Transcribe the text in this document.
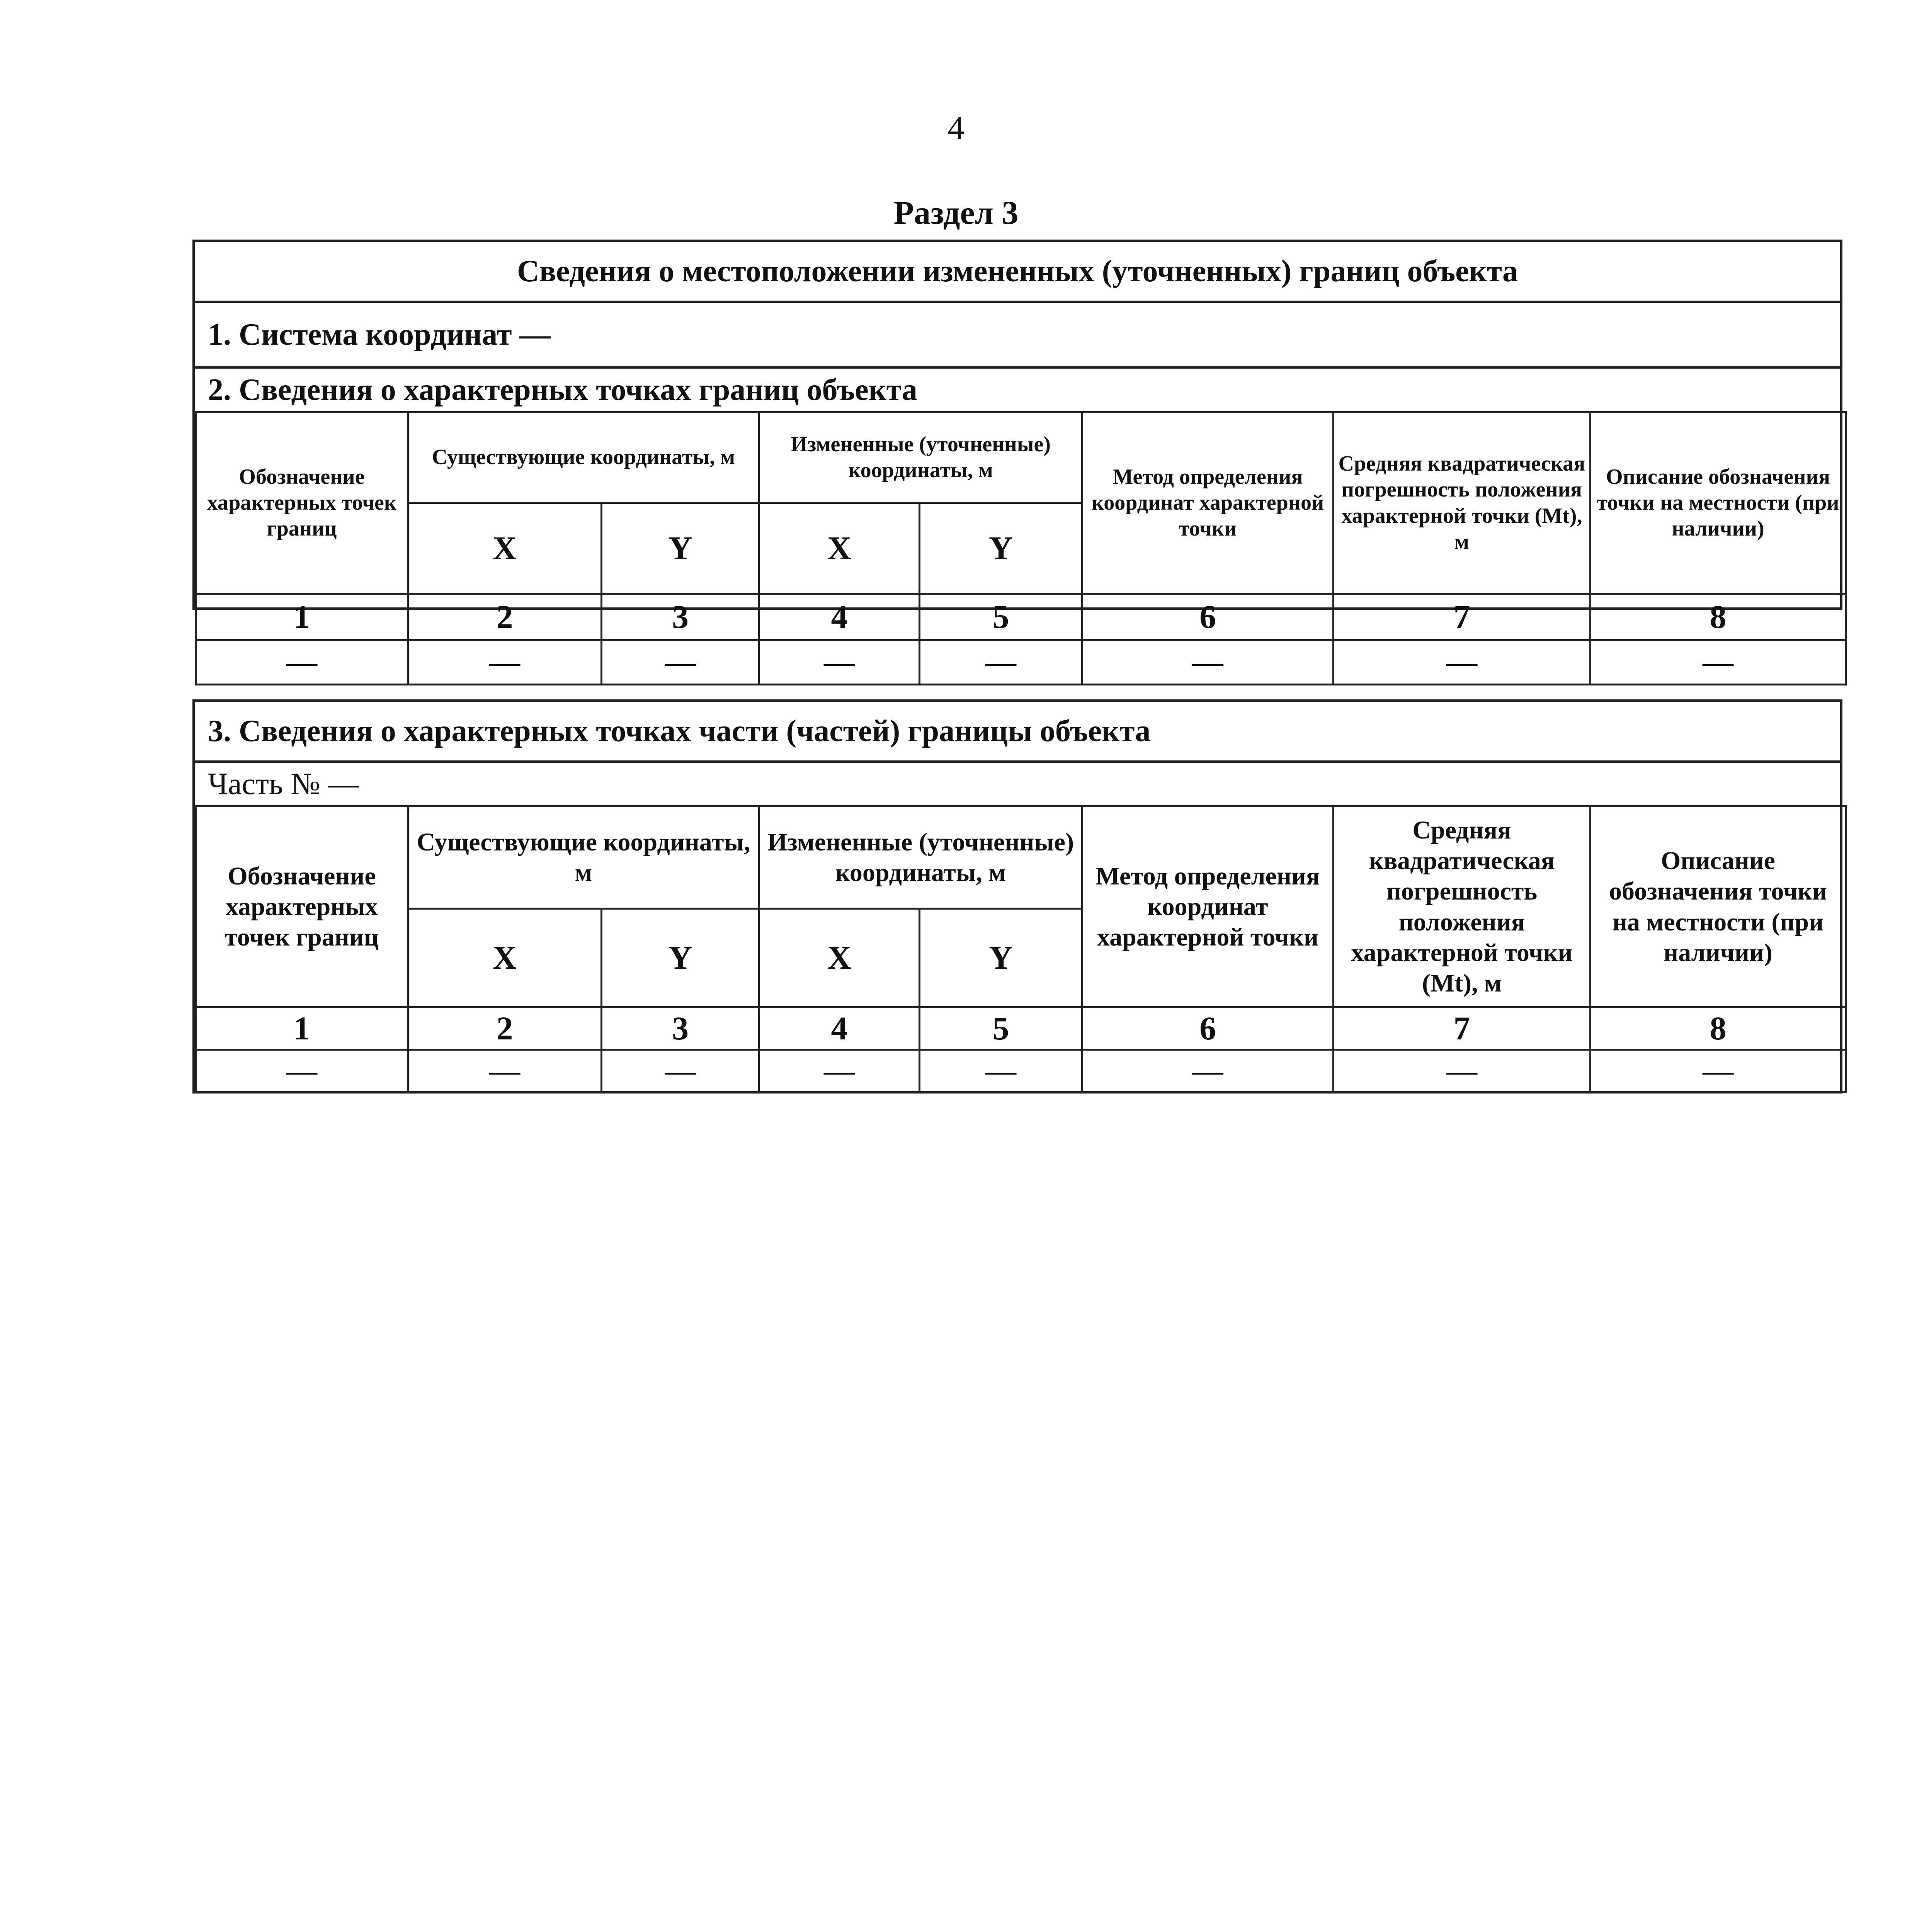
4
Раздел 3
Сведения о местоположении измененных (уточненных) границ объекта
1. Система координат —
2. Сведения о характерных точках границ объекта
Обозначение характерных точек границ	Существующие координаты, м		Измененные (уточненные) координаты, м		Метод определения координат характерной точки	Средняя квадратическая погрешность положения характерной точки (Mt), м	Описание обозначения точки на местности (при наличии)
	X	Y	X	Y			
1	2	3	4	5	6	7	8
—	—	—	—	—	—	—	—
3. Сведения о характерных точках части (частей) границы объекта
Часть № —
Обозначение характерных точек границ	Существующие координаты, м		Измененные (уточненные) координаты, м		Метод определения координат характерной точки	Средняя квадратическая погрешность положения характерной точки (Mt), м	Описание обозначения точки на местности (при наличии)
	X	Y	X	Y			
1	2	3	4	5	6	7	8
—	—	—	—	—	—	—	—
